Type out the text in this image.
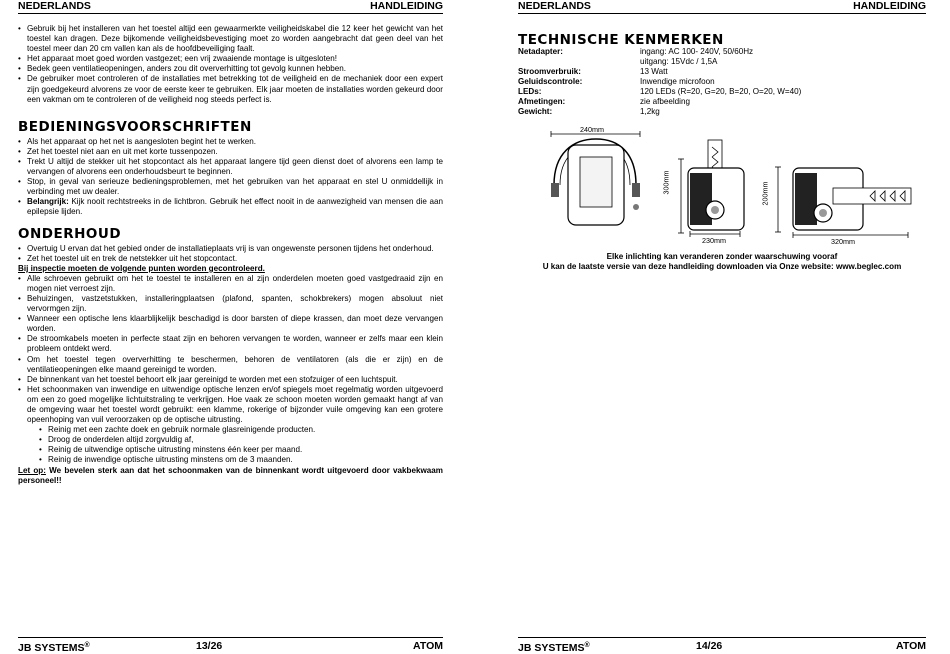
NEDERLANDS	HANDLEIDING
• Gebruik bij het installeren van het toestel altijd een gewaarmerkte veiligheidskabel die 12 keer het gewicht van het toestel kan dragen. Deze bijkomende veiligheidsbevestiging moet zo worden aangebracht dat geen deel van het toestel meer dan 20 cm vallen kan als de hoofdbeveiliging faalt.
• Het apparaat moet goed worden vastgezet; een vrij zwaaiende montage is uitgesloten!
• Bedek geen ventilatieopeningen, anders zou dit oververhitting tot gevolg kunnen hebben.
• De gebruiker moet controleren of de installaties met betrekking tot de veiligheid en de mechaniek door een expert zijn goedgekeurd alvorens ze voor de eerste keer te gebruiken. Elk jaar moeten de installaties worden gekeurd door een vakman om te controleren of de veiligheid nog steeds perfect is.
BEDIENINGSVOORSCHRIFTEN
• Als het apparaat op het net is aangesloten begint het te werken.
• Zet het toestel niet aan en uit met korte tussenpozen.
• Trekt U altijd de stekker uit het stopcontact als het apparaat langere tijd geen dienst doet of alvorens een lamp te vervangen of alvorens een onderhoudsbeurt te beginnen.
• Stop, in geval van serieuze bedieningsproblemen, met het gebruiken van het apparaat en stel U onmiddellijk in verbinding met uw dealer.
• Belangrijk: Kijk nooit rechtstreeks in de lichtbron. Gebruik het effect nooit in de aanwezigheid van mensen die aan epilepsie lijden.
ONDERHOUD
• Overtuig U ervan dat het gebied onder de installatieplaats vrij is van ongewenste personen tijdens het onderhoud.
• Zet het toestel uit en trek de netstekker uit het stopcontact.
Bij inspectie moeten de volgende punten worden gecontroleerd.
• Alle schroeven gebruikt om het te toestel te installeren en al zijn onderdelen moeten goed vastgedraaid zijn en mogen niet verroest zijn.
• Behuizingen, vastzetstukken, installeringplaatsen (plafond, spanten, schokbrekers) mogen absoluut niet vervormgen zijn.
• Wanneer een optische lens klaarblijkelijk beschadigd is door barsten of diepe krassen, dan moet deze vervangen worden.
• De stroomkabels moeten in perfecte staat zijn en behoren vervangen te worden, wanneer er zelfs maar een klein probleem ontdekt werd.
• Om het toestel tegen oververhitting te beschermen, behoren de ventilatoren (als die er zijn) en de ventilatieopeningen elke maand gereinigd te worden.
• De binnenkant van het toestel behoort elk jaar gereinigd te worden met een stofzuiger of een luchtspuit.
• Het schoonmaken van inwendige en uitwendige optische lenzen en/of spiegels moet regelmatig worden uitgevoerd om een zo goed mogelijke lichtuitstraling te verkrijgen. Hoe vaak ze schoon moeten worden gemaakt hangt af van de omgeving waar het toestel wordt gebruikt: een klamme, rokerige of bijzonder vuile omgeving kan een grotere opeenhoping van vuil veroorzaken op de optische uitrusting.
• Reinig met een zachte doek en gebruik normale glasreinigende producten.
• Droog de onderdelen altijd zorgvuldig af,
• Reinig de uitwendige optische uitrusting minstens één keer per maand.
• Reinig de inwendige optische uitrusting minstens om de 3 maanden.

Let op: We bevelen sterk aan dat het schoonmaken van de binnenkant wordt uitgevoerd door vakbekwaam personeel!!

JB SYSTEMS®	13/26	ATOM
NEDERLANDS	HANDLEIDING
TECHNISCHE KENMERKEN
Netadapter:	ingang: AC 100- 240V, 50/60Hz
uitgang: 15Vdc / 1,5A
Stroomverbruik:	13 Watt
Geluidscontrole:	Inwendige microfoon
LEDs:	120 LEDs (R=20, G=20, B=20, O=20, W=40)
Afmetingen:	zie afbeelding
Gewicht:	1,2kg
240mm
300mm
230mm
200mm
320mm
Elke inlichting kan veranderen zonder waarschuwing vooraf
U kan de laatste versie van deze handleiding downloaden via Onze website: www.beglec.com
JB SYSTEMS®	14/26	ATOM
